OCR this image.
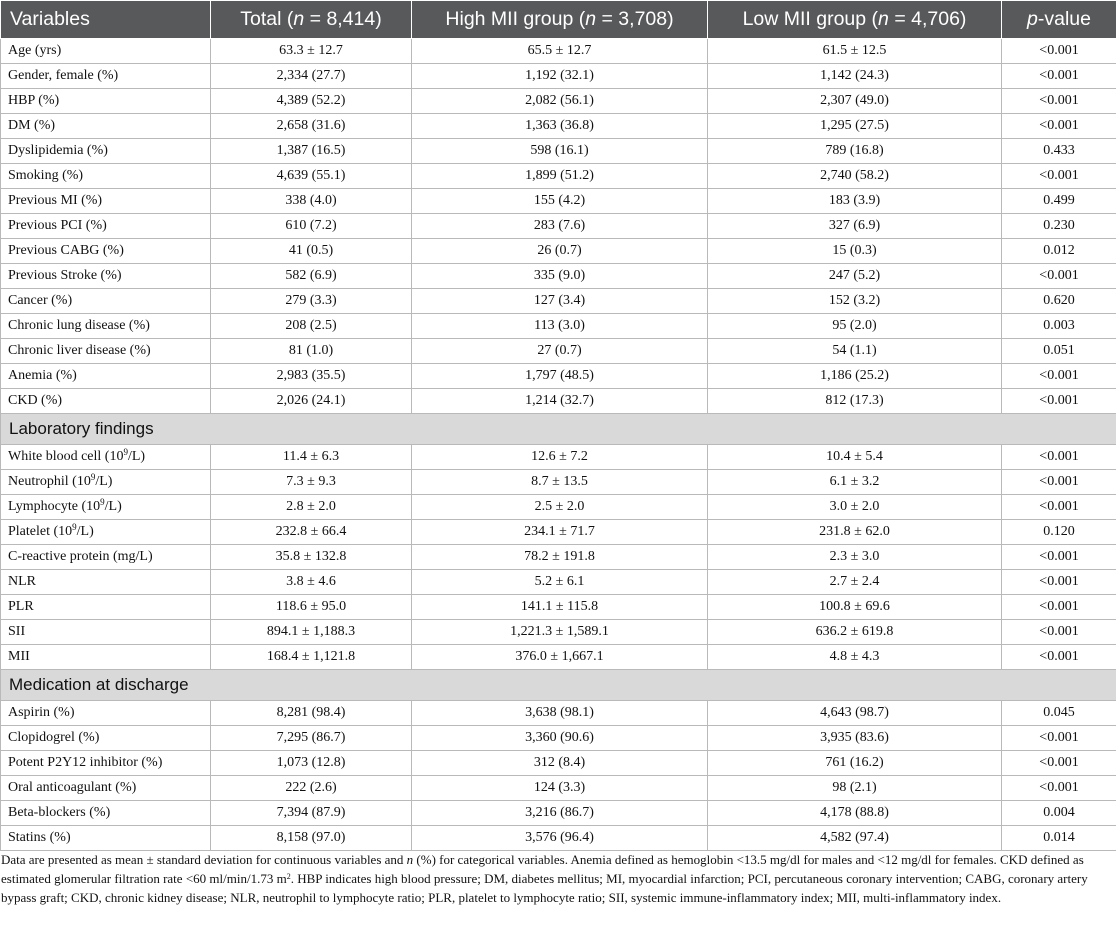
Variables	Total (n = 8,414)	High MII group (n = 3,708)	Low MII group (n = 4,706)	p-value
Age (yrs)	63.3 ± 12.7	65.5 ± 12.7	61.5 ± 12.5	<0.001
Gender, female (%)	2,334 (27.7)	1,192 (32.1)	1,142 (24.3)	<0.001
HBP (%)	4,389 (52.2)	2,082 (56.1)	2,307 (49.0)	<0.001
DM (%)	2,658 (31.6)	1,363 (36.8)	1,295 (27.5)	<0.001
Dyslipidemia (%)	1,387 (16.5)	598 (16.1)	789 (16.8)	0.433
Smoking (%)	4,639 (55.1)	1,899 (51.2)	2,740 (58.2)	<0.001
Previous MI (%)	338 (4.0)	155 (4.2)	183 (3.9)	0.499
Previous PCI (%)	610 (7.2)	283 (7.6)	327 (6.9)	0.230
Previous CABG (%)	41 (0.5)	26 (0.7)	15 (0.3)	0.012
Previous Stroke (%)	582 (6.9)	335 (9.0)	247 (5.2)	<0.001
Cancer (%)	279 (3.3)	127 (3.4)	152 (3.2)	0.620
Chronic lung disease (%)	208 (2.5)	113 (3.0)	95 (2.0)	0.003
Chronic liver disease (%)	81 (1.0)	27 (0.7)	54 (1.1)	0.051
Anemia (%)	2,983 (35.5)	1,797 (48.5)	1,186 (25.2)	<0.001
CKD (%)	2,026 (24.1)	1,214 (32.7)	812 (17.3)	<0.001
Laboratory findings				
White blood cell $(10^9/L)$	11.4 ± 6.3	12.6 ± 7.2	10.4 ± 5.4	<0.001
Neutrophil $(10^9/L)$	7.3 ± 9.3	8.7 ± 13.5	6.1 ± 3.2	<0.001
Lymphocyte $(10^9/L)$	2.8 ± 2.0	2.5 ± 2.0	3.0 ± 2.0	<0.001
Platelet $(10^9/L)$	232.8 ± 66.4	234.1 ± 71.7	231.8 ± 62.0	0.120
C-reactive protein (mg/L)	35.8 ± 132.8	78.2 ± 191.8	2.3 ± 3.0	<0.001
NLR	3.8 ± 4.6	5.2 ± 6.1	2.7 ± 2.4	<0.001
PLR	118.6 ± 95.0	141.1 ± 115.8	100.8 ± 69.6	<0.001
SII	894.1 ± 1,188.3	1,221.3 ± 1,589.1	636.2 ± 619.8	<0.001
MII	168.4 ± 1,121.8	376.0 ± 1,667.1	4.8 ± 4.3	<0.001
Medication at discharge				
Aspirin (%)	8,281 (98.4)	3,638 (98.1)	4,643 (98.7)	0.045
Clopidogrel (%)	7,295 (86.7)	3,360 (90.6)	3,935 (83.6)	<0.001
Potent P2Y12 inhibitor (%)	1,073 (12.8)	312 (8.4)	761 (16.2)	<0.001
Oral anticoagulant (%)	222 (2.6)	124 (3.3)	98 (2.1)	<0.001
Beta-blockers (%)	7,394 (87.9)	3,216 (86.7)	4,178 (88.8)	0.004
Statins (%)	8,158 (97.0)	3,576 (96.4)	4,582 (97.4)	0.014
Data are presented as mean ± standard deviation for continuous variables and n (%) for categorical variables. Anemia defined as hemoglobin <13.5 mg/dl for males and <12 mg/dl for females. CKD defined as estimated glomerular filtration rate <60 ml/min/1.73 $m^2$. HBP indicates high blood pressure; DM, diabetes mellitus; MI, myocardial infarction; PCI, percutaneous coronary intervention; CABG, coronary artery bypass graft; CKD, chronic kidney disease; NLR, neutrophil to lymphocyte ratio; PLR, platelet to lymphocyte ratio; SII, systemic immune-inflammatory index; MII, multi-inflammatory index.
